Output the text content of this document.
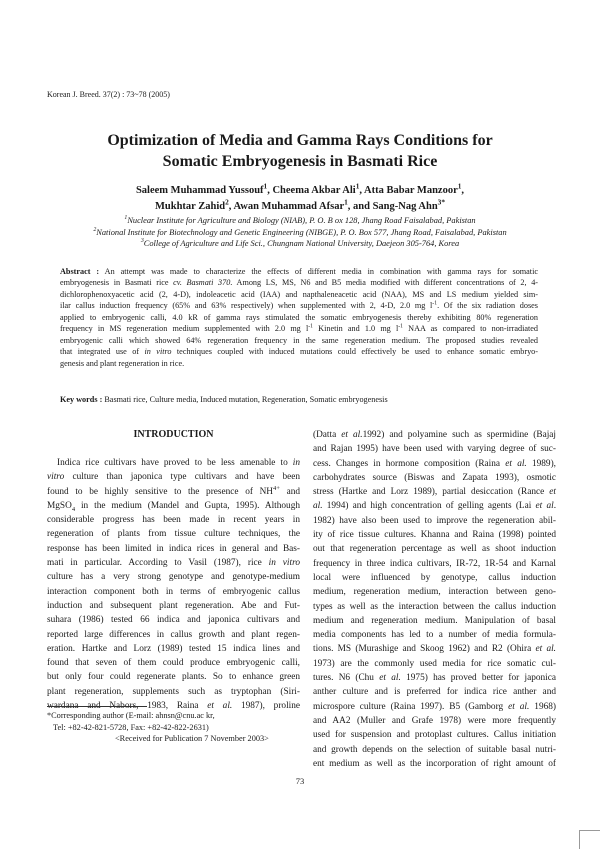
Korean J. Breed. 37(2) : 73~78 (2005)
Optimization of Media and Gamma Rays Conditions for
Somatic Embryogenesis in Basmati Rice
Saleem Muhammad Yussouf$^1$, Cheema Akbar Ali$^1$, Atta Babar Manzoor$^1$,
Mukhtar Zahid$^2$, Awan Muhammad Afsar$^1$, and Sang-Nag Ahn$^{3*}$
$^1$Nuclear Institute for Agriculture and Biology (NIAB), P. O. B ox 128, Jhang Road Faisalabad, Pakistan
$^2$National Institute for Biotechnology and Genetic Engineering (NIBGE), P. O. Box 577, Jhang Road, Faisalabad, Pakistan
$^3$College of Agriculture and Life Sci., Chungnam National University, Daejeon 305-764, Korea
Abstract : An attempt was made to characterize the effects of different media in combination with gamma rays for somatic
embryogenesis in Basmati rice cv. Basmati 370. Among LS, MS, N6 and B5 media modified with different concentrations of 2, 4-
dichlorophenoxyacetic acid (2, 4-D), indoleacetic acid (IAA) and napthaleneacetic acid (NAA), MS and LS medium yielded sim-
ilar callus induction frequency (65% and 63% respectively) when supplemented with 2, 4-D, 2.0 mg $l^{-1}$. Of the six radiation doses
applied to embryogenic calli, 4.0 kR of gamma rays stimulated the somatic embryogenesis thereby exhibiting 80% regeneration
frequency in MS regeneration medium supplemented with 2.0 mg $l^{-1}$ Kinetin and 1.0 mg $l^{-1}$ NAA as compared to non-irradiated
embryogenic calli which showed 64% regeneration frequency in the same regeneration medium. The proposed studies revealed
that integrated use of in vitro techniques coupled with induced mutations could effectively be used to enhance somatic embryo-
genesis and plant regeneration in rice.
Key words : Basmati rice, Culture media, Induced mutation, Regeneration, Somatic embryogenesis
INTRODUCTION
Indica rice cultivars have proved to be less amenable to in
vitro culture than japonica type cultivars and have been
found to be highly sensitive to the presence of $NH^{4+}$ and
MgSO$_4$ in the medium (Mandel and Gupta, 1995). Although
considerable progress has been made in recent years in
regeneration of plants from tissue culture techniques, the
response has been limited in indica rices in general and Bas-
mati in particular. According to Vasil (1987), rice in vitro
culture has a very strong genotype and genotype-medium
interaction component both in terms of embryogenic callus
induction and subsequent plant regeneration. Abe and Fut-
suhara (1986) tested 66 indica and japonica cultivars and
reported large differences in callus growth and plant regen-
eration. Hartke and Lorz (1989) tested 15 indica lines and
found that seven of them could produce embryogenic calli,
but only four could regenerate plants. So to enhance green
plant regeneration, supplements such as tryptophan (Siri-
wardana and Nabors, 1983, Raina et al. 1987), proline
(Datta et al.1992) and polyamine such as spermidine (Bajaj
and Rajan 1995) have been used with varying degree of suc-
cess. Changes in hormone composition (Raina et al. 1989),
carbohydrates source (Biswas and Zapata 1993), osmotic
stress (Hartke and Lorz 1989), partial desiccation (Rance et
al. 1994) and high concentration of gelling agents (Lai et al.
1982) have also been used to improve the regeneration abil-
ity of rice tissue cultures. Khanna and Raina (1998) pointed
out that regeneration percentage as well as shoot induction
frequency in three indica cultivars, IR-72, 1R-54 and Karnal
local were influenced by genotype, callus induction
medium, regeneration medium, interaction between geno-
types as well as the interaction between the callus induction
medium and regeneration medium. Manipulation of basal
media components has led to a number of media formula-
tions. MS (Murashige and Skoog 1962) and R2 (Ohira et al.
1973) are the commonly used media for rice somatic cul-
tures. N6 (Chu et al. 1975) has proved better for japonica
anther culture and is preferred for indica rice anther and
microspore culture (Raina 1997). B5 (Gamborg et al. 1968)
and AA2 (Muller and Grafe 1978) were more frequently
used for suspension and protoplast cultures. Callus initiation
and growth depends on the selection of suitable basal nutri-
ent medium as well as the incorporation of right amount of
*Corresponding author (E-mail: ahnsn@cnu.ac kr,
Tel: +82-42-821-5728, Fax: +82-42-822-2631)
<Received for Publication 7 November 2003>
73
